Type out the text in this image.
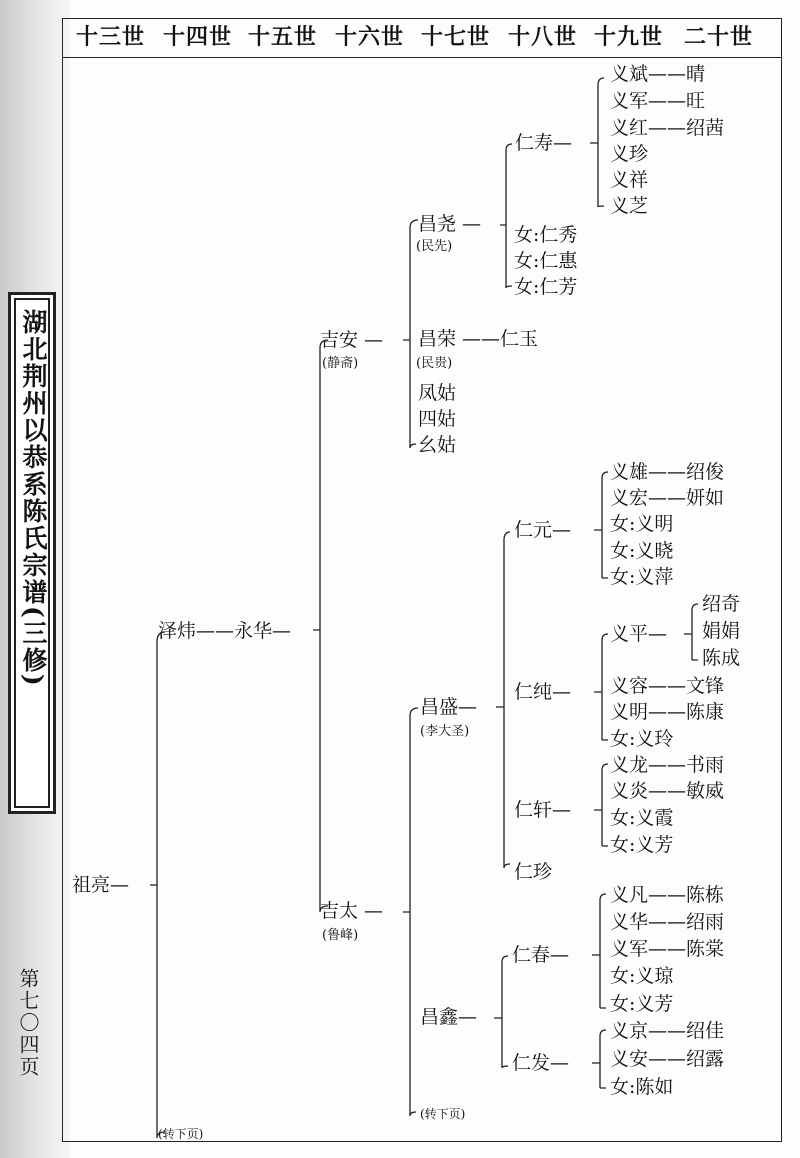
十三世 十四世 十五世 十六世 十七世 十八世 十九世 二十世
湖北荆州以恭系陈氏宗谱(三修)
第七〇四页
祖亮—
泽炜——永华—
吉安 —
(静斋)
吉太 —
(鲁峰)
昌尧 —
(民先)
昌荣 ——仁玉
(民贵)
凤姑
四姑
幺姑
昌盛—
(李大圣)
昌鑫—
仁寿—
女:仁秀
女:仁惠
女:仁芳
仁元—
仁纯—
仁轩—
仁珍
仁春—
仁发—
义斌——晴
义军——旺
义红——绍茜
义珍
义祥
义芝
义雄——绍俊
义宏——妍如
女:义明
女:义晓
女:义萍
义平—
绍奇
娟娟
陈成
义容——文锋
义明——陈康
女:义玲
义龙——书雨
义炎——敏威
女:义霞
女:义芳
义凡——陈栋
义华——绍雨
义军——陈棠
女:义琼
女:义芳
义京——绍佳
义安——绍露
女:陈如
(转下页)
(转下页)
